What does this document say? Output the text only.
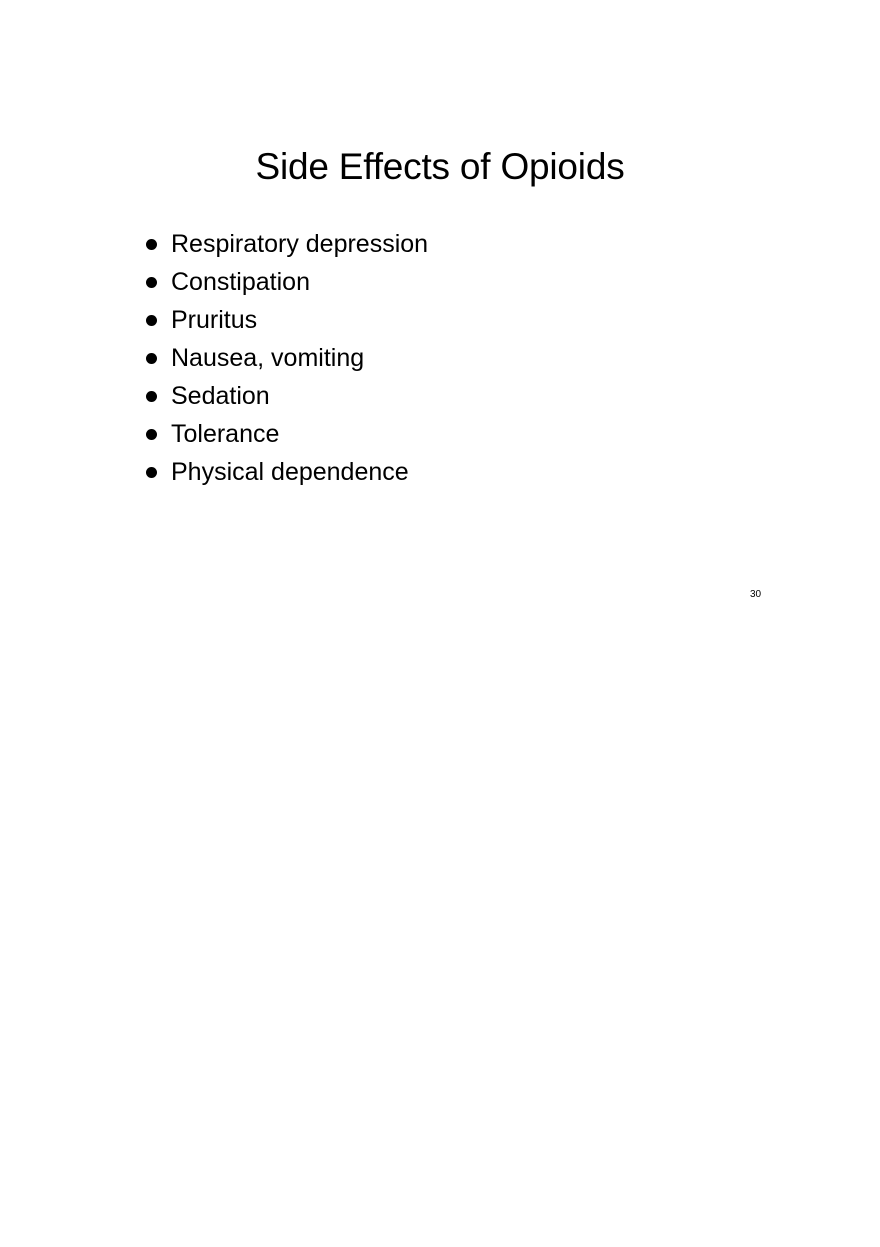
Side Effects of Opioids
Respiratory depression
Constipation
Pruritus
Nausea, vomiting
Sedation
Tolerance
Physical dependence
30
